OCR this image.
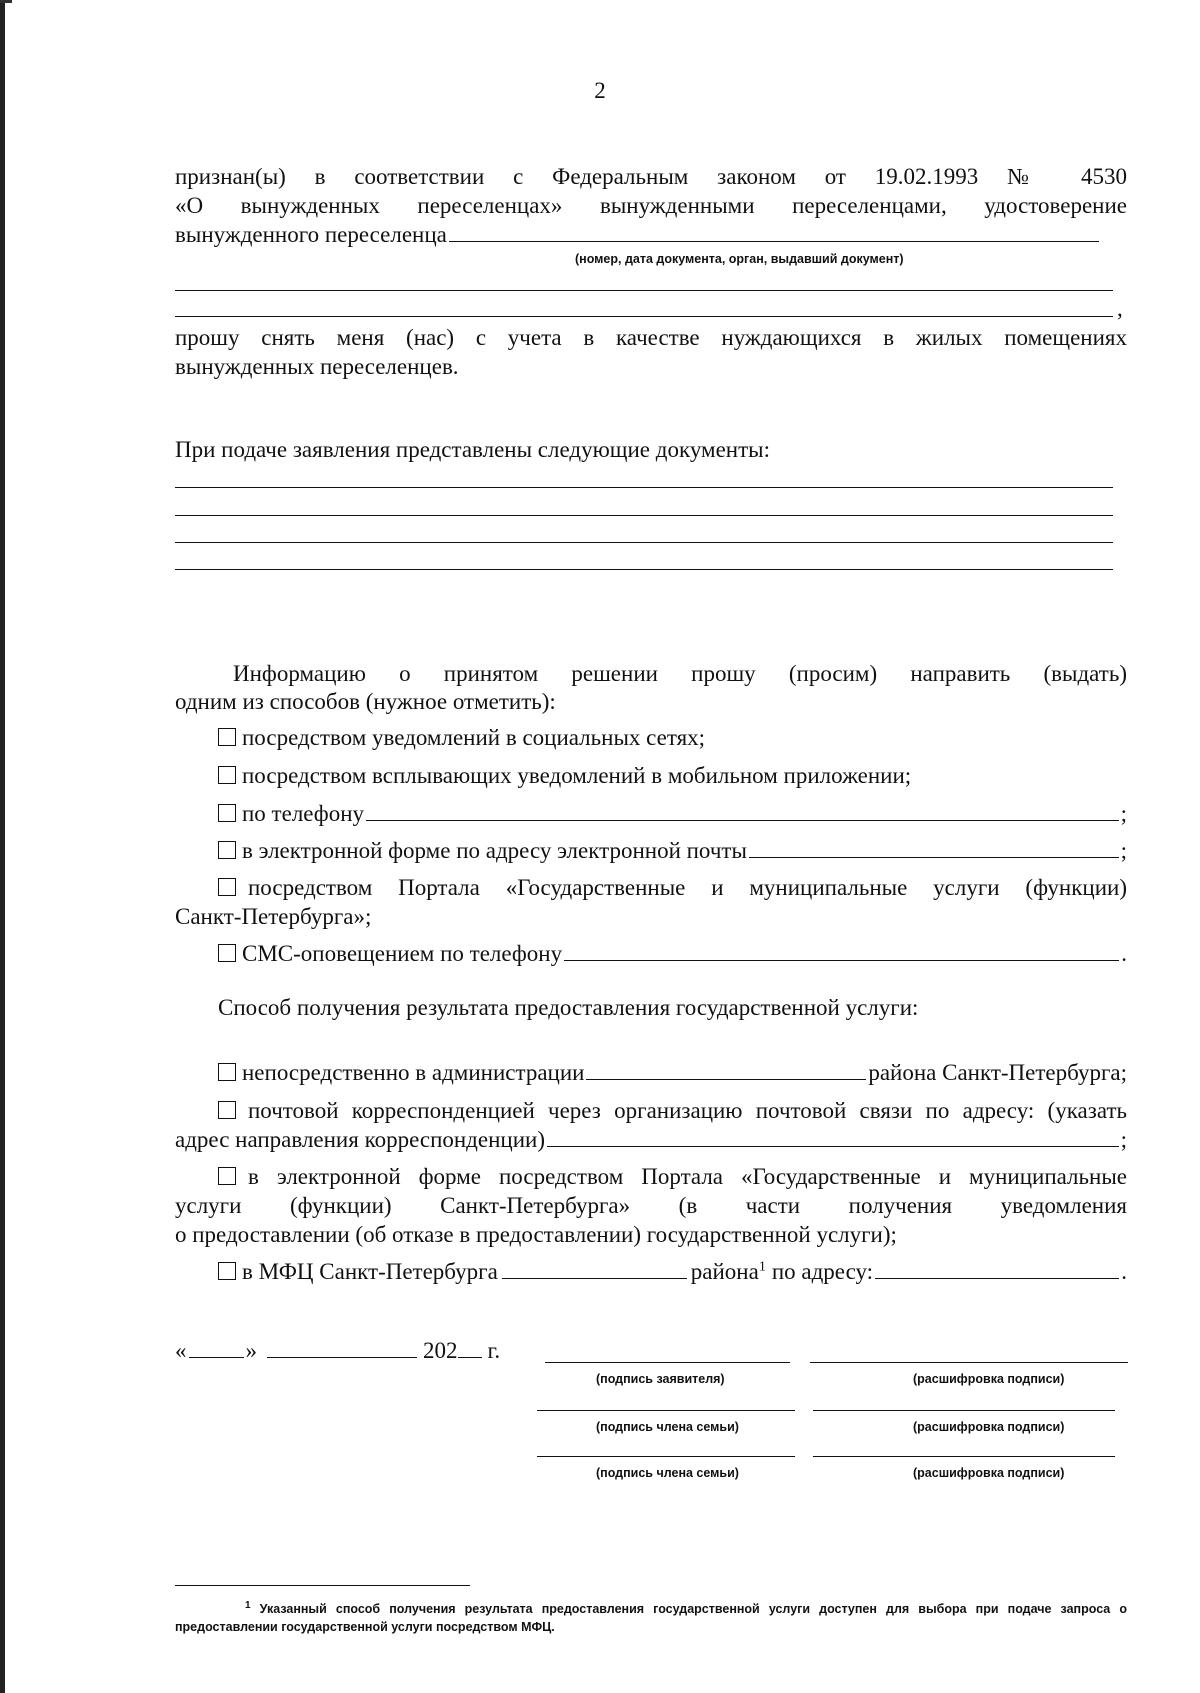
2
признан(ы) в соответствии с Федеральным законом от 19.02.1993 № 4530
«О вынужденных переселенцах» вынужденными переселенцами, удостоверение
вынужденного переселенца
(номер, дата документа, орган, выдавший документ)
,
прошу снять меня (нас) с учета в качестве нуждающихся в жилых помещениях
вынужденных переселенцев.
При подаче заявления представлены следующие документы:
Информацию о принятом решении прошу (просим) направить (выдать)
одним из способов (нужное отметить):
посредством уведомлений в социальных сетях;
посредством всплывающих уведомлений в мобильном приложении;
по телефону	;
в электронной форме по адресу электронной почты	;
посредством Портала «Государственные и муниципальные услуги (функции)
Санкт-Петербурга»;
СМС-оповещением по телефону	.
Способ получения результата предоставления государственной услуги:
непосредственно в администрации	района Санкт-Петербурга;
почтовой корреспонденцией через организацию почтовой связи по адресу: (указать
адрес направления корреспонденции)	;
в электронной форме посредством Портала «Государственные и муниципальные
услуги (функции) Санкт-Петербурга» (в части получения уведомления
о предоставлении (об отказе в предоставлении) государственной услуги);
в МФЦ Санкт-Петербурга	района$^1$ по адресу:	.
«	»	202 г.
(подпись заявителя)	(расшифровка подписи)
(подпись члена семьи)	(расшифровка подписи)
(подпись члена семьи)	(расшифровка подписи)
$^1$ Указанный способ получения результата предоставления государственной услуги доступен для выбора при подаче запроса о предоставлении государственной услуги посредством МФЦ.
